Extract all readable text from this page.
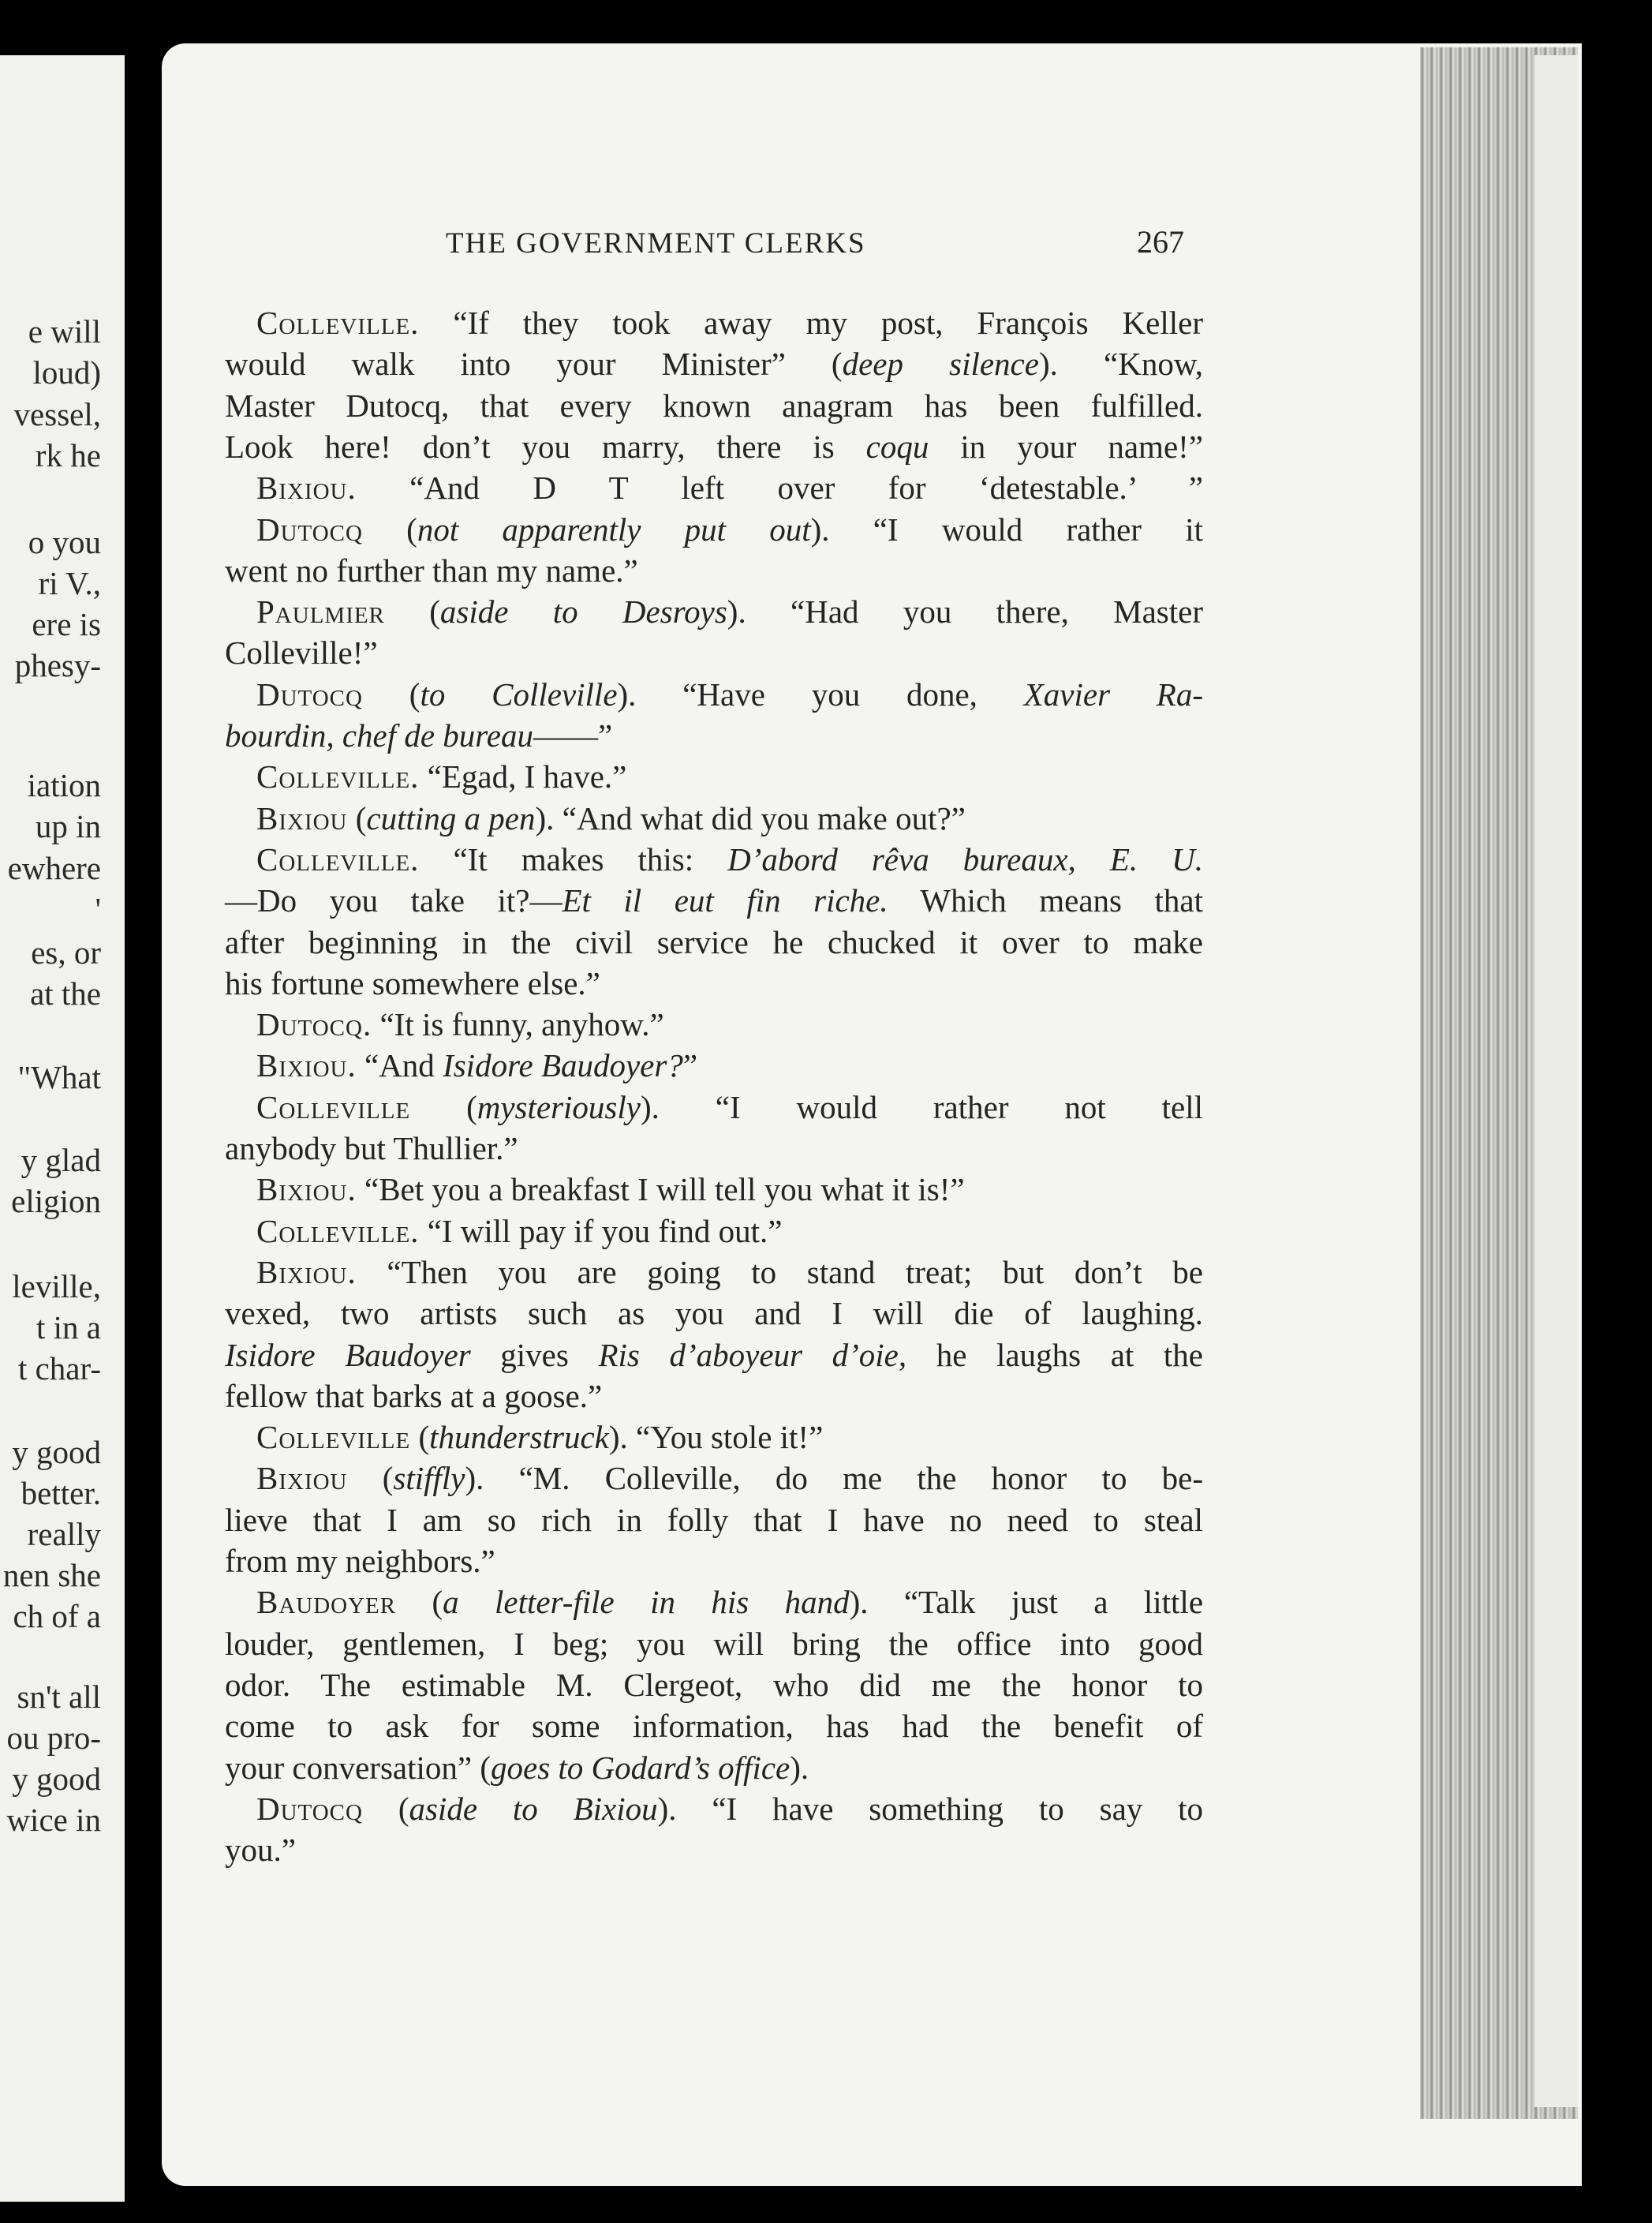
e will
loud)
vessel,
rk he
o you
ri V.,
ere is
phesy-
iation
up in
ewhere
'
es, or
at the
"What
y glad
eligion
leville,
t in a
t char-
y good
better.
really
nen she
ch of a
sn't all
ou pro-
y good
wice in
THE GOVERNMENT CLERKS	267
Colleville. “If they took away my post, François Keller
would walk into your Minister” (deep silence). “Know,
Master Dutocq, that every known anagram has been fulfilled.
Look here! don’t you marry, there is coqu in your name!”
Bixiou. “And D T left over for ‘detestable.’ ”
Dutocq (not apparently put out). “I would rather it
went no further than my name.”
Paulmier (aside to Desroys). “Had you there, Master
Colleville!”
Dutocq (to Colleville). “Have you done, Xavier Ra-
bourdin, chef de bureau——”
Colleville. “Egad, I have.”
Bixiou (cutting a pen). “And what did you make out?”
Colleville. “It makes this: D’abord rêva bureaux, E. U.
—Do you take it?—Et il eut fin riche. Which means that
after beginning in the civil service he chucked it over to make
his fortune somewhere else.”
Dutocq. “It is funny, anyhow.”
Bixiou. “And Isidore Baudoyer?”
Colleville (mysteriously). “I would rather not tell
anybody but Thullier.”
Bixiou. “Bet you a breakfast I will tell you what it is!”
Colleville. “I will pay if you find out.”
Bixiou. “Then you are going to stand treat; but don’t be
vexed, two artists such as you and I will die of laughing.
Isidore Baudoyer gives Ris d’aboyeur d’oie, he laughs at the
fellow that barks at a goose.”
Colleville (thunderstruck). “You stole it!”
Bixiou (stiffly). “M. Colleville, do me the honor to be-
lieve that I am so rich in folly that I have no need to steal
from my neighbors.”
Baudoyer (a letter-file in his hand). “Talk just a little
louder, gentlemen, I beg; you will bring the office into good
odor. The estimable M. Clergeot, who did me the honor to
come to ask for some information, has had the benefit of
your conversation” (goes to Godard’s office).
Dutocq (aside to Bixiou). “I have something to say to
you.”
